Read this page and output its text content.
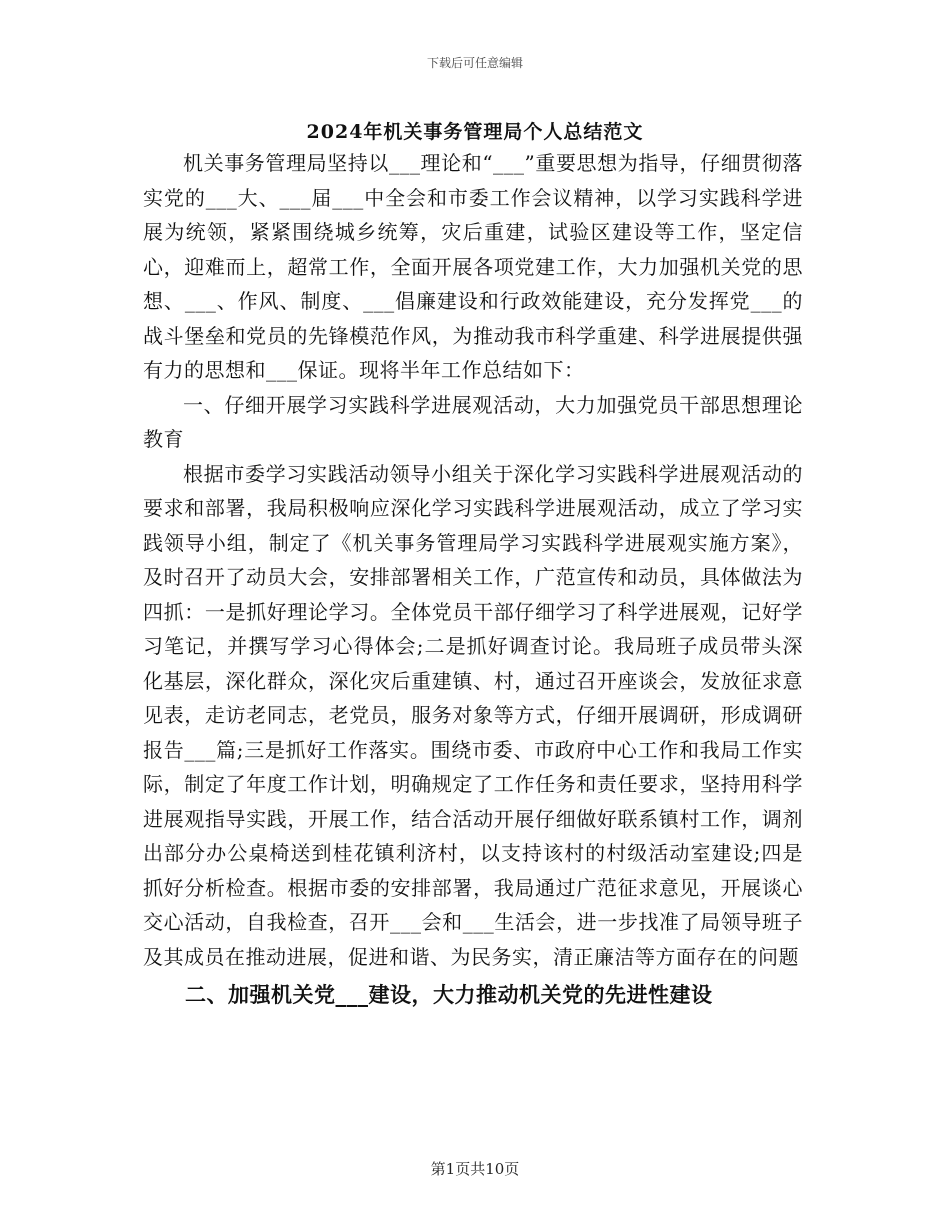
下载后可任意编辑
2024年机关事务管理局个人总结范文

机关事务管理局坚持以___理论和“___”重要思想为指导，仔细贯彻落实党的___大、___届___中全会和市委工作会议精神，以学习实践科学进展为统领，紧紧围绕城乡统筹，灾后重建，试验区建设等工作，坚定信心，迎难而上，超常工作，全面开展各项党建工作，大力加强机关党的思想、___、作风、制度、___倡廉建设和行政效能建设，充分发挥党___的战斗堡垒和党员的先锋模范作风，为推动我市科学重建、科学进展提供强有力的思想和___保证。现将半年工作总结如下：

一、仔细开展学习实践科学进展观活动，大力加强党员干部思想理论教育

根据市委学习实践活动领导小组关于深化学习实践科学进展观活动的要求和部署，我局积极响应深化学习实践科学进展观活动，成立了学习实践领导小组，制定了《机关事务管理局学习实践科学进展观实施方案》，及时召开了动员大会，安排部署相关工作，广范宣传和动员，具体做法为四抓：一是抓好理论学习。全体党员干部仔细学习了科学进展观，记好学习笔记，并撰写学习心得体会;二是抓好调查讨论。我局班子成员带头深化基层，深化群众，深化灾后重建镇、村，通过召开座谈会，发放征求意见表，走访老同志，老党员，服务对象等方式，仔细开展调研，形成调研报告___篇;三是抓好工作落实。围绕市委、市政府中心工作和我局工作实际，制定了年度工作计划，明确规定了工作任务和责任要求，坚持用科学进展观指导实践，开展工作，结合活动开展仔细做好联系镇村工作，调剂出部分办公桌椅送到桂花镇利济村，以支持该村的村级活动室建设;四是抓好分析检查。根据市委的安排部署，我局通过广范征求意见，开展谈心交心活动，自我检查，召开___会和___生活会，进一步找准了局领导班子及其成员在推动进展，促进和谐、为民务实，清正廉洁等方面存在的问题

二、加强机关党___建设，大力推动机关党的先进性建设

第1页共10页
